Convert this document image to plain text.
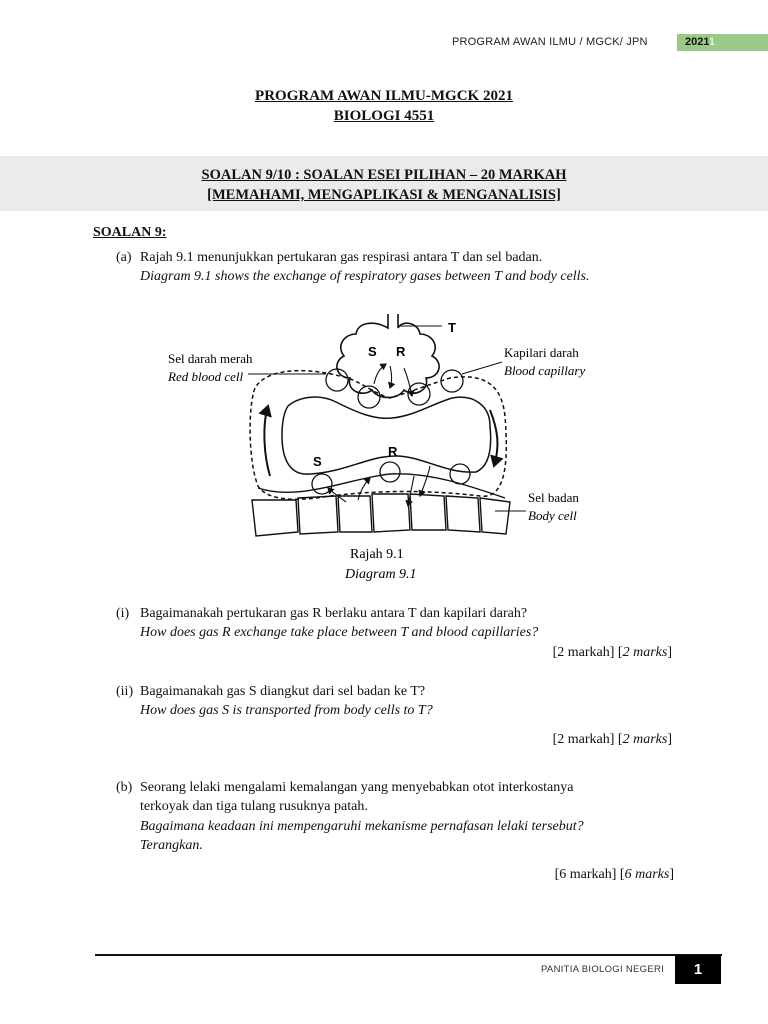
PROGRAM AWAN ILMU / MGCK/ JPN	20211
PROGRAM AWAN ILMU-MGCK 2021
BIOLOGI 4551
SOALAN 9/10 : SOALAN ESEI PILIHAN – 20 MARKAH
[MEMAHAMI, MENGAPLIKASI & MENGANALISIS]
SOALAN 9:
(a) Rajah 9.1 menunjukkan pertukaran gas respirasi antara T dan sel badan.
Diagram 9.1 shows the exchange of respiratory gases between T and body cells.
T
S R
S
R
Sel darah merah
Red blood cell
Kapilari darah
Blood capillary
Sel badan
Body cell
Rajah 9.1
Diagram 9.1
(i) Bagaimanakah pertukaran gas R berlaku antara T dan kapilari darah?
How does gas R exchange take place between T and blood capillaries?
[2 markah] [2 marks]
(ii) Bagaimanakah gas S diangkut dari sel badan ke T?
How does gas S is transported from body cells to T?
[2 markah] [2 marks]
(b) Seorang lelaki mengalami kemalangan yang menyebabkan otot interkostanya
terkoyak dan tiga tulang rusuknya patah.
Bagaimana keadaan ini mempengaruhi mekanisme pernafasan lelaki tersebut?
Terangkan.
[6 markah] [6 marks]
PANITIA BIOLOGI NEGERI	1
